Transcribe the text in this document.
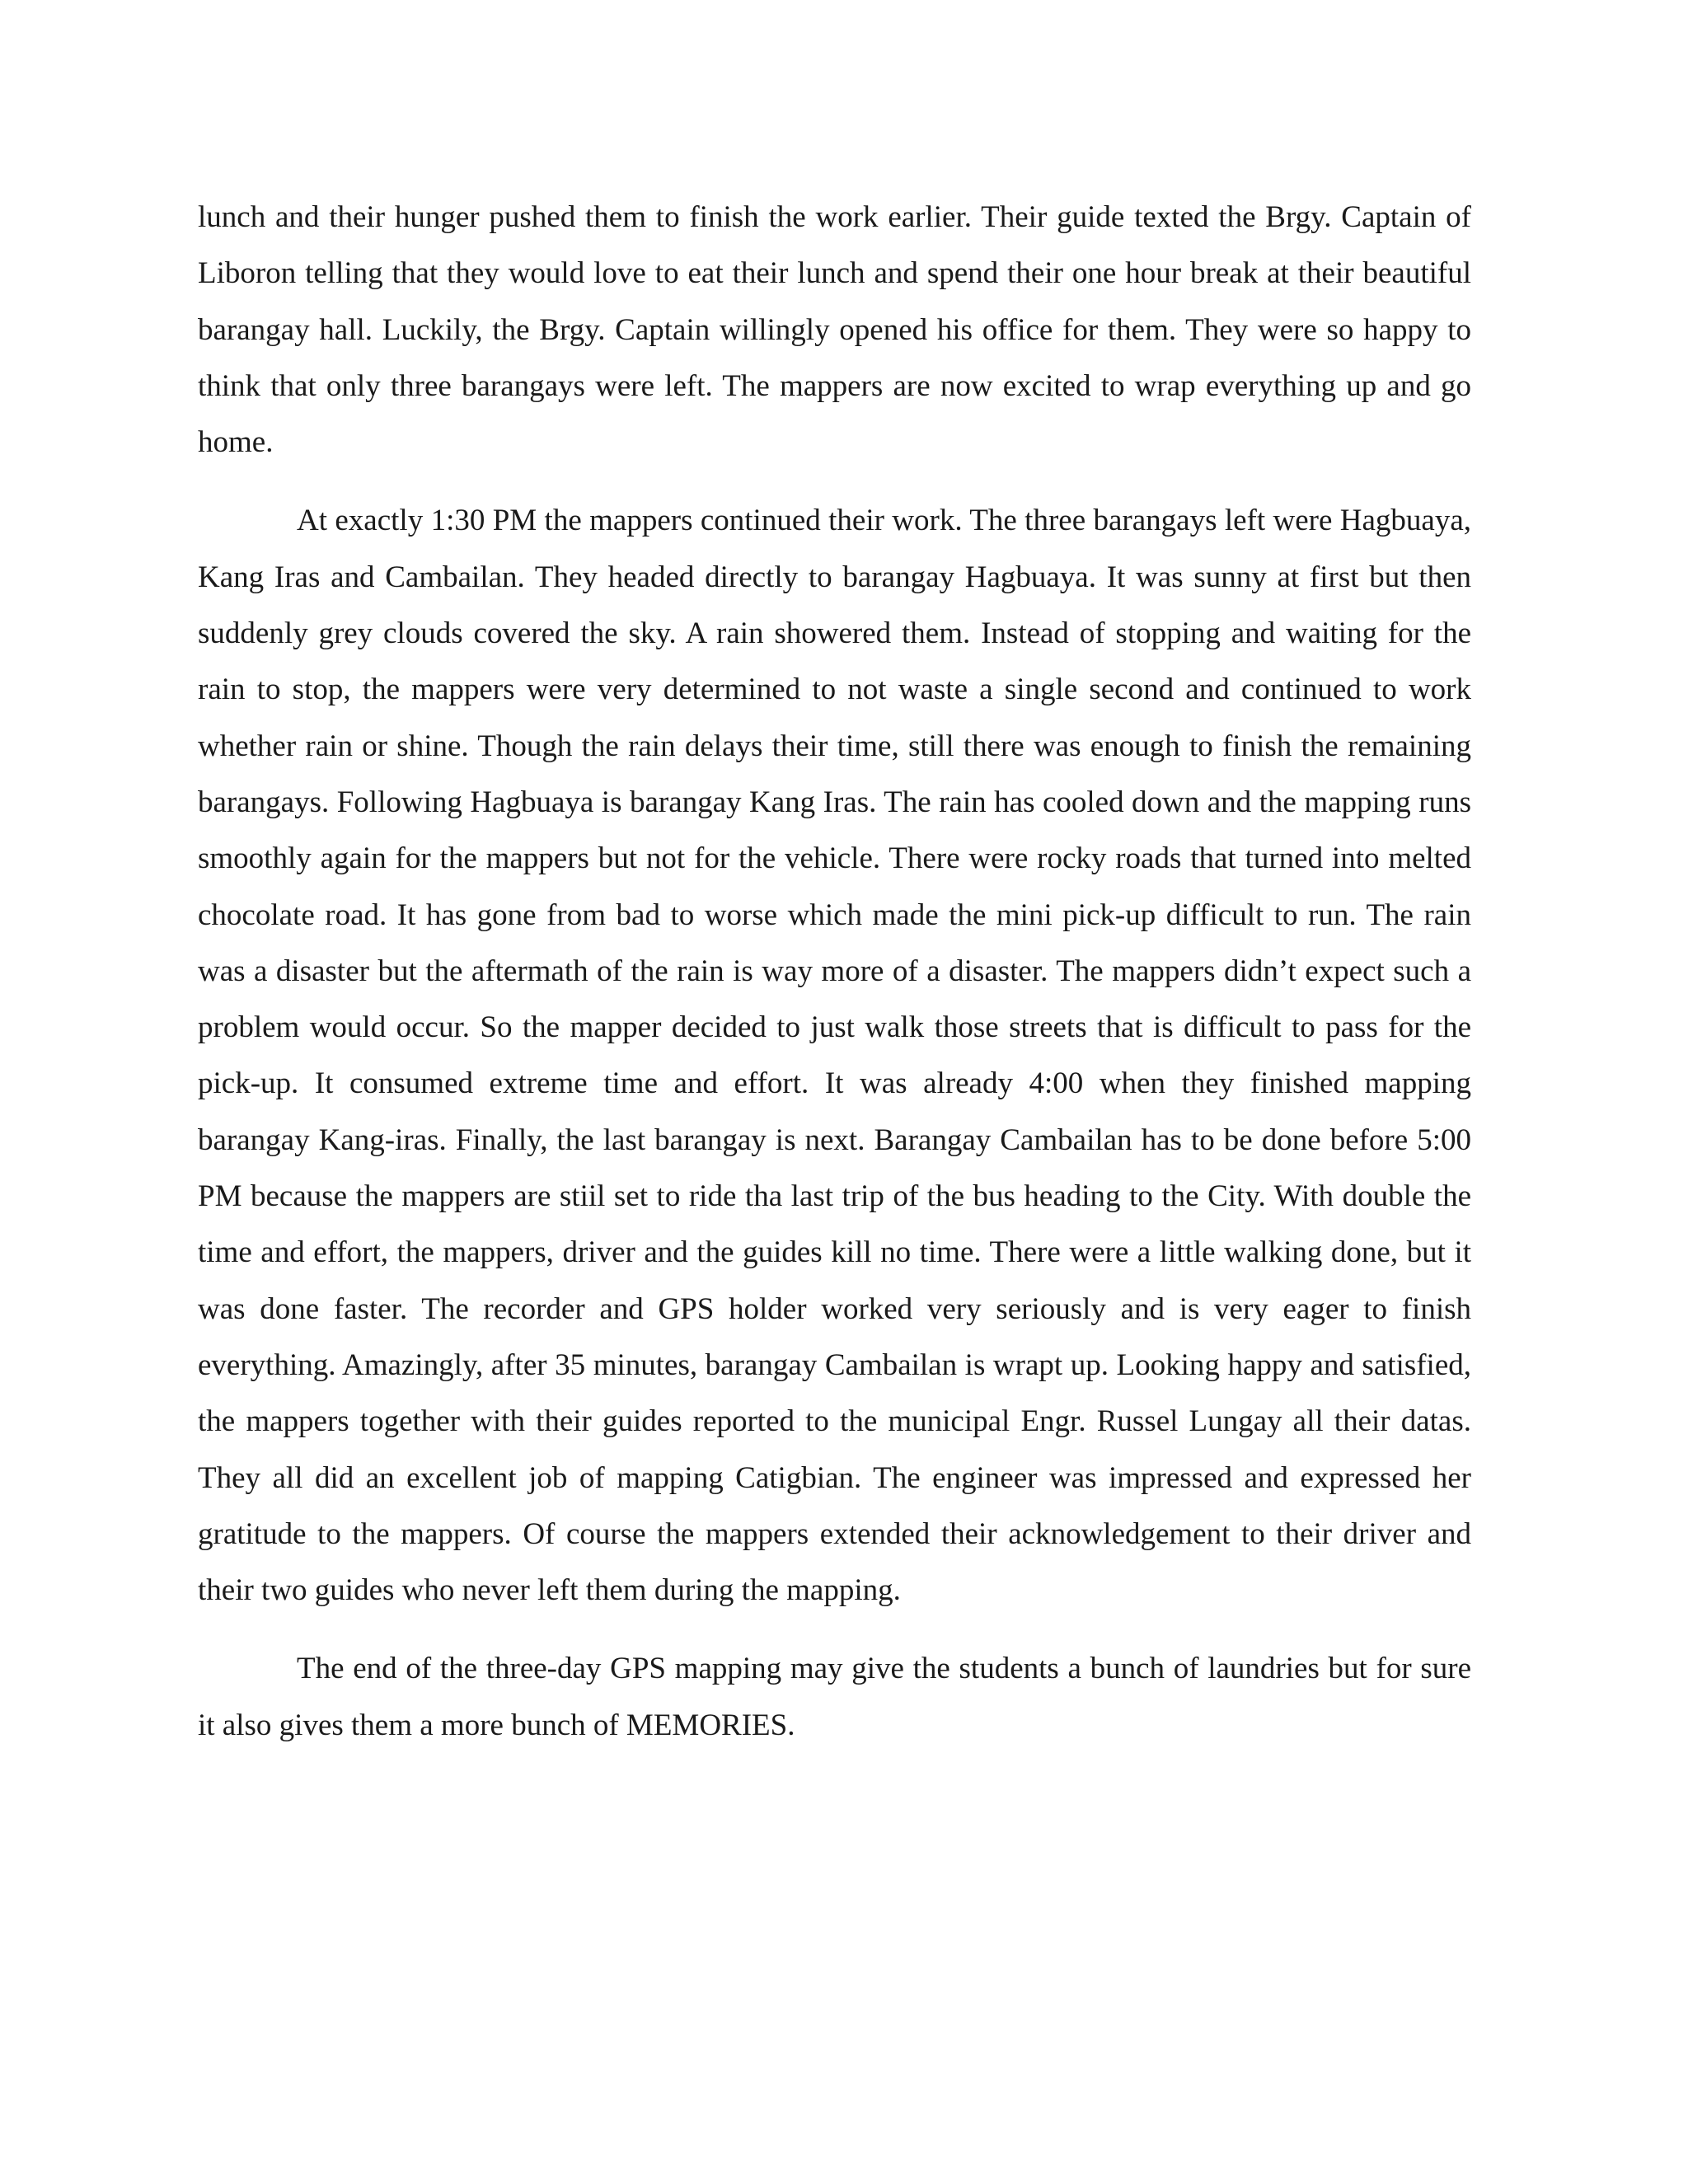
lunch and their hunger pushed them to finish the work earlier. Their guide texted the Brgy. Captain of Liboron telling that they would love to eat their lunch and spend their one hour break at their beautiful barangay hall. Luckily, the Brgy. Captain willingly opened his office for them. They were so happy to think that only three barangays were left. The mappers are now excited to wrap everything up and go home.

At exactly 1:30 PM the mappers continued their work. The three barangays left were Hagbuaya, Kang Iras and Cambailan. They headed directly to barangay Hagbuaya. It was sunny at first but then suddenly grey clouds covered the sky. A rain showered them. Instead of stopping and waiting for the rain to stop, the mappers were very determined to not waste a single second and continued to work whether rain or shine. Though the rain delays their time, still there was enough to finish the remaining barangays. Following Hagbuaya is barangay Kang Iras. The rain has cooled down and the mapping runs smoothly again for the mappers but not for the vehicle. There were rocky roads that turned into melted chocolate road. It has gone from bad to worse which made the mini pick-up difficult to run. The rain was a disaster but the aftermath of the rain is way more of a disaster. The mappers didn’t expect such a problem would occur. So the mapper decided to just walk those streets that is difficult to pass for the pick-up. It consumed extreme time and effort. It was already 4:00 when they finished mapping barangay Kang-iras. Finally, the last barangay is next. Barangay Cambailan has to be done before 5:00 PM because the mappers are stiil set to ride tha last trip of the bus heading to the City. With double the time and effort, the mappers, driver and the guides kill no time. There were a little walking done, but it was done faster. The recorder and GPS holder worked very seriously and is very eager to finish everything. Amazingly, after 35 minutes, barangay Cambailan is wrapt up. Looking happy and satisfied, the mappers together with their guides reported to the municipal Engr. Russel Lungay all their datas. They all did an excellent job of mapping Catigbian. The engineer was impressed and expressed her gratitude to the mappers. Of course the mappers extended their acknowledgement to their driver and their two guides who never left them during the mapping.

The end of the three-day GPS mapping may give the students a bunch of laundries but for sure it also gives them a more bunch of MEMORIES.
